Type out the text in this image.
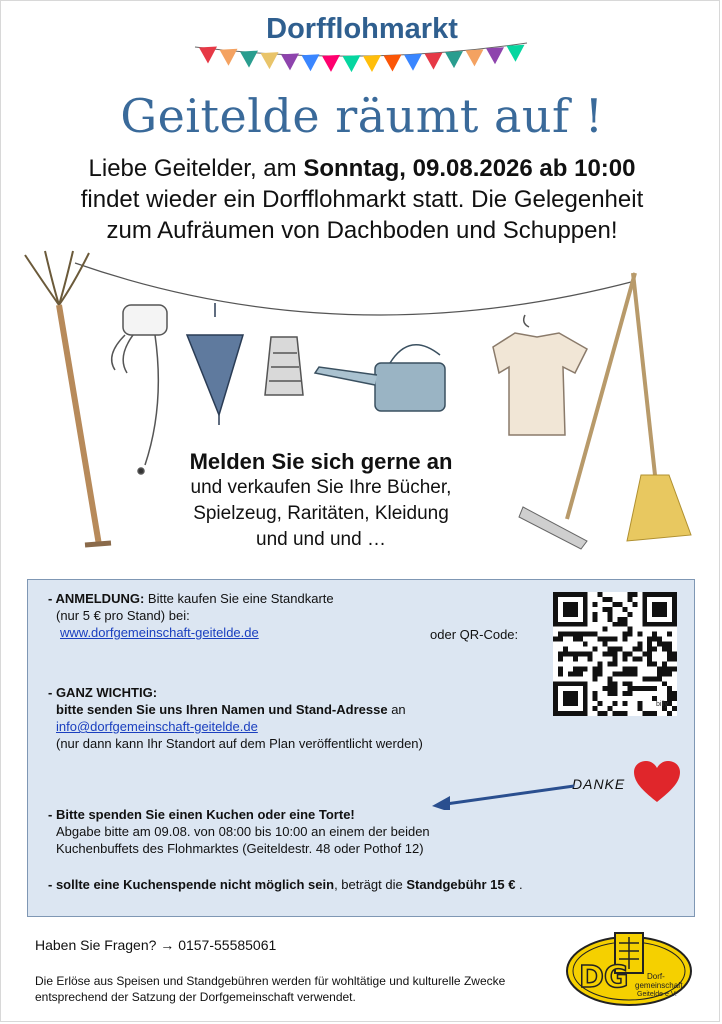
Dorfflohmarkt
Geitelde räumt auf !
Liebe Geitelder, am Sonntag, 09.08.2026 ab 10:00
findet wieder ein Dorfflohmarkt statt. Die Gelegenheit
zum Aufräumen von Dachboden und Schuppen!
Melden Sie sich gerne an
und verkaufen Sie Ihre Bücher,
Spielzeug, Raritäten, Kleidung
und und und …
- ANMELDUNG: Bitte kaufen Sie eine Standkarte
(nur 5 € pro Stand) bei:
www.dorfgemeinschaft-geitelde.de	oder QR-Code:
billy
- GANZ WICHTIG:
bitte senden Sie uns Ihren Namen und Stand-Adresse an
info@dorfgemeinschaft-geitelde.de
(nur dann kann Ihr Standort auf dem Plan veröffentlicht werden)
DANKE
- Bitte spenden Sie einen Kuchen oder eine Torte!
Abgabe bitte am 09.08. von 08:00 bis 10:00 an einem der beiden
Kuchenbuffets des Flohmarktes (Geiteldestr. 48 oder Pothof 12)
- sollte eine Kuchenspende nicht möglich sein, beträgt die Standgebühr 15 € .
Haben Sie Fragen? → 0157-55585061
Die Erlöse aus Speisen und Standgebühren werden für wohltätige und kulturelle Zwecke entsprechend der Satzung der Dorfgemeinschaft verwendet.
DG Dorf-
gemeinschaft
Geitelde e.V.
